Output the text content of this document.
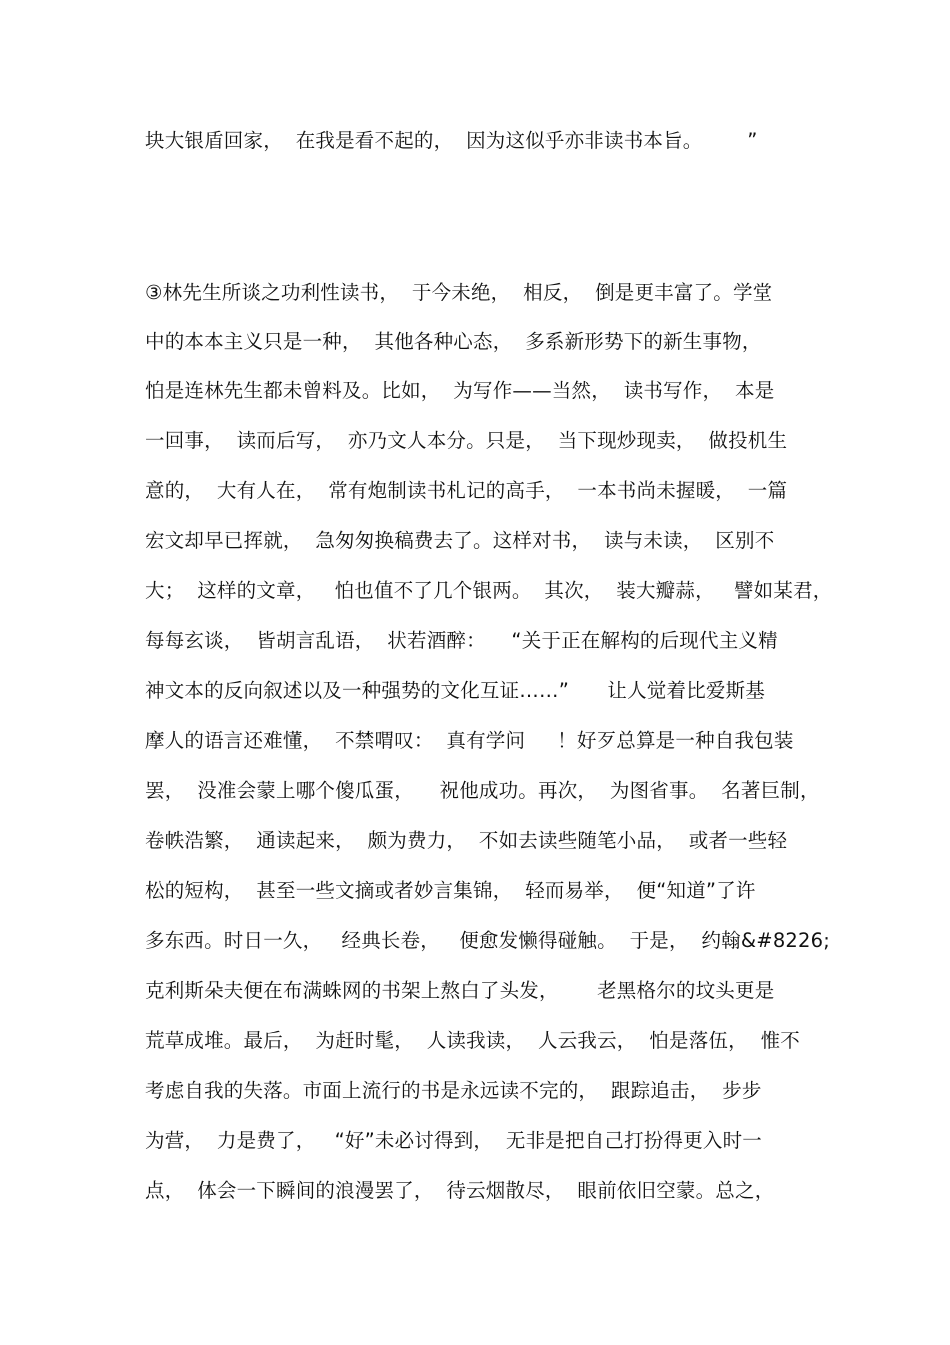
块大银盾回家，  在我是看不起的，  因为这似乎亦非读书本旨。       ”
③林先生所谈之功利性读书，  于今未绝，  相反，  倒是更丰富了。学堂
中的本本主义只是一种，  其他各种心态，  多系新形势下的新生事物，
怕是连林先生都未曾料及。比如，  为写作——当然，  读书写作，  本是
一回事，  读而后写，  亦乃文人本分。只是，  当下现炒现卖，  做投机生
意的，  大有人在，  常有炮制读书札记的高手，  一本书尚未握暖，  一篇
宏文却早已挥就，  急匆匆换稿费去了。这样对书，  读与未读，  区别不
大；  这样的文章，   怕也值不了几个银两。  其次，  装大瓣蒜，   譬如某君，
每每玄谈，  皆胡言乱语，  状若酒醉：    “关于正在解构的后现代主义精
神文本的反向叙述以及一种强势的文化互证……”      让人觉着比爱斯基
摩人的语言还难懂，  不禁喟叹：  真有学问     ！好歹总算是一种自我包装
罢，  没准会蒙上哪个傻瓜蛋，    祝他成功。再次，  为图省事。  名著巨制，
卷帙浩繁，  通读起来，  颇为费力，  不如去读些随笔小品，  或者一些轻
松的短构，  甚至一些文摘或者妙言集锦，  轻而易举，  便“知道”了许
多东西。时日一久，   经典长卷，   便愈发懒得碰触。  于是，  约翰&#8226;
克利斯朵夫便在布满蛛网的书架上熬白了头发，      老黑格尔的坟头更是
荒草成堆。最后，  为赶时髦，  人读我读，  人云我云，  怕是落伍，  惟不
考虑自我的失落。市面上流行的书是永远读不完的，  跟踪追击，  步步
为营，  力是费了，   “好”未必讨得到，  无非是把自己打扮得更入时一
点，  体会一下瞬间的浪漫罢了，  待云烟散尽，  眼前依旧空蒙。总之，
